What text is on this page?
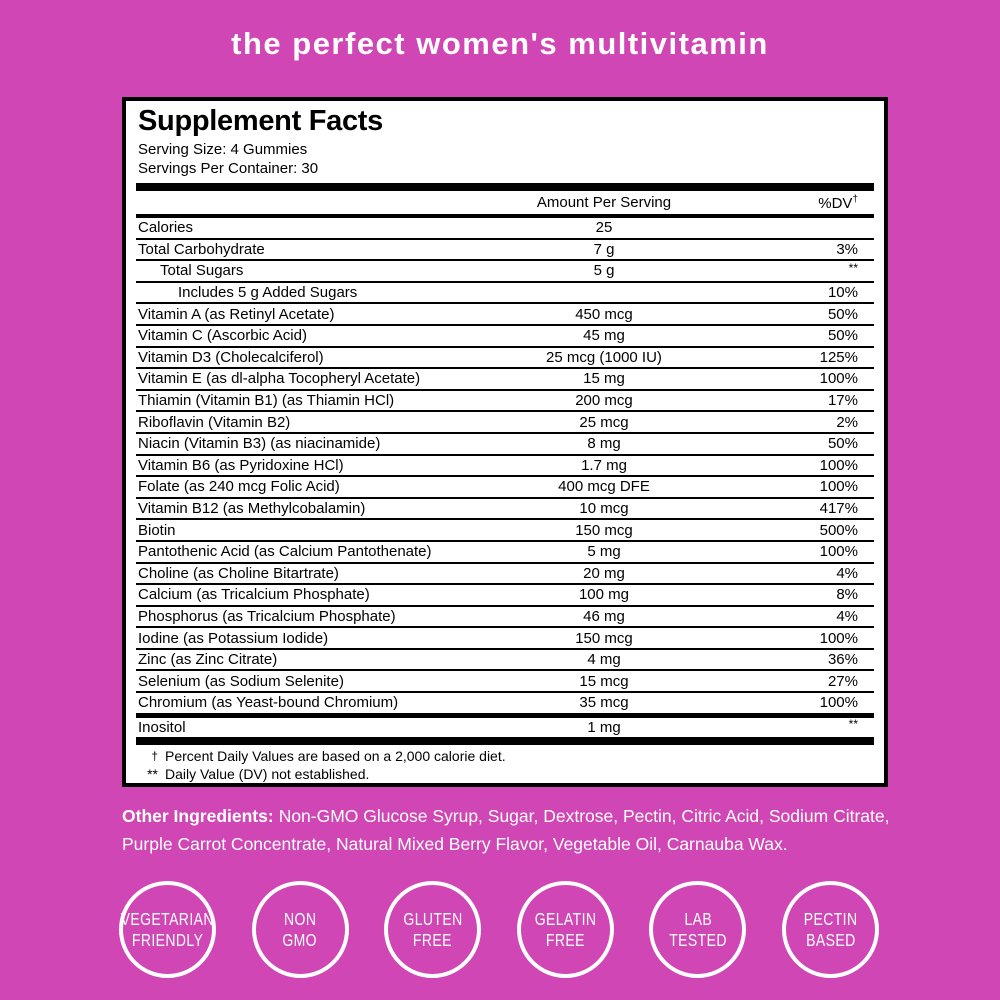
the perfect women's multivitamin
Supplement Facts
Serving Size: 4 Gummies
Servings Per Container: 30
Amount Per Serving	%DV†
Calories	25
Total Carbohydrate	7 g	3%
Total Sugars	5 g	**
Includes 5 g Added Sugars	10%
Vitamin A (as Retinyl Acetate)	450 mcg	50%
Vitamin C (Ascorbic Acid)	45 mg	50%
Vitamin D3 (Cholecalciferol)	25 mcg (1000 IU)	125%
Vitamin E (as dl-alpha Tocopheryl Acetate)	15 mg	100%
Thiamin (Vitamin B1) (as Thiamin HCl)	200 mcg	17%
Riboflavin (Vitamin B2)	25 mcg	2%
Niacin (Vitamin B3) (as niacinamide)	8 mg	50%
Vitamin B6 (as Pyridoxine HCl)	1.7 mg	100%
Folate (as 240 mcg Folic Acid)	400 mcg DFE	100%
Vitamin B12 (as Methylcobalamin)	10 mcg	417%
Biotin	150 mcg	500%
Pantothenic Acid (as Calcium Pantothenate)	5 mg	100%
Choline (as Choline Bitartrate)	20 mg	4%
Calcium (as Tricalcium Phosphate)	100 mg	8%
Phosphorus (as Tricalcium Phosphate)	46 mg	4%
Iodine (as Potassium Iodide)	150 mcg	100%
Zinc (as Zinc Citrate)	4 mg	36%
Selenium (as Sodium Selenite)	15 mcg	27%
Chromium (as Yeast-bound Chromium)	35 mcg	100%
Inositol	1 mg	**
† Percent Daily Values are based on a 2,000 calorie diet.
** Daily Value (DV) not established.
Other Ingredients: Non-GMO Glucose Syrup, Sugar, Dextrose, Pectin, Citric Acid, Sodium Citrate, Purple Carrot Concentrate, Natural Mixed Berry Flavor, Vegetable Oil, Carnauba Wax.
VEGETARIAN
FRIENDLY
NON
GMO
GLUTEN
FREE
GELATIN
FREE
LAB
TESTED
PECTIN
BASED
